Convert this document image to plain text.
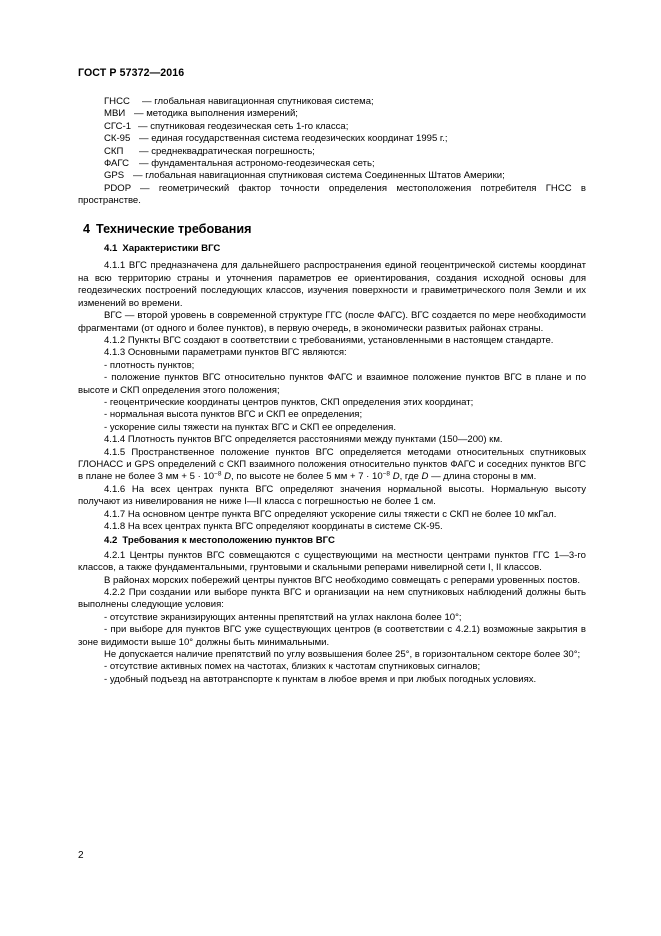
ГОСТ Р 57372—2016

ГНСС — глобальная навигационная спутниковая система;

МВИ — методика выполнения измерений;

СГС-1 — спутниковая геодезическая сеть 1-го класса;

СК-95 — единая государственная система геодезических координат 1995 г.;

СКП — среднеквадратическая погрешность;

ФАГС — фундаментальная астрономо-геодезическая сеть;

GPS — глобальная навигационная спутниковая система Соединенных Штатов Америки;

PDOP — геометрический фактор точности определения местоположения потребителя ГНСС в пространстве.

4 Технические требования
4.1 Характеристики ВГС

4.1.1 ВГС предназначена для дальнейшего распространения единой геоцентрической системы координат на всю территорию страны и уточнения параметров ее ориентирования, создания исходной основы для геодезических построений последующих классов, изучения поверхности и гравиметрического поля Земли и их изменений во времени.

ВГС — второй уровень в современной структуре ГГС (после ФАГС). ВГС создается по мере необходимости фрагментами (от одного и более пунктов), в первую очередь, в экономически развитых районах страны.

4.1.2 Пункты ВГС создают в соответствии с требованиями, установленными в настоящем стандарте.

4.1.3 Основными параметрами пунктов ВГС являются:

- плотность пунктов;

- положение пунктов ВГС относительно пунктов ФАГС и взаимное положение пунктов ВГС в плане и по высоте и СКП определения этого положения;

- геоцентрические координаты центров пунктов, СКП определения этих координат;

- нормальная высота пунктов ВГС и СКП ее определения;

- ускорение силы тяжести на пунктах ВГС и СКП ее определения.

4.1.4 Плотность пунктов ВГС определяется расстояниями между пунктами (150—200) км.

4.1.5 Пространственное положение пунктов ВГС определяется методами относительных спутниковых ГЛОНАСС и GPS определений с СКП взаимного положения относительно пунктов ФАГС и соседних пунктов ВГС в плане не более 3 мм + $5 \cdot 10^{-8}$ D, по высоте не более 5 мм + $7 \cdot 10^{-8}$ D, где D — длина стороны в мм.

4.1.6 На всех центрах пункта ВГС определяют значения нормальной высоты. Нормальную высоту получают из нивелирования не ниже I—II класса с погрешностью не более 1 см.

4.1.7 На основном центре пункта ВГС определяют ускорение силы тяжести с СКП не более 10 мкГал.

4.1.8 На всех центрах пункта ВГС определяют координаты в системе СК-95.

4.2 Требования к местоположению пунктов ВГС

4.2.1 Центры пунктов ВГС совмещаются с существующими на местности центрами пунктов ГГС 1—3-го классов, а также фундаментальными, грунтовыми и скальными реперами нивелирной сети I, II классов.

В районах морских побережий центры пунктов ВГС необходимо совмещать с реперами уровенных постов.

4.2.2 При создании или выборе пункта ВГС и организации на нем спутниковых наблюдений должны быть выполнены следующие условия:

- отсутствие экранизирующих антенны препятствий на углах наклона более 10°;

- при выборе для пунктов ВГС уже существующих центров (в соответствии с 4.2.1) возможные закрытия в зоне видимости выше 10° должны быть минимальными.

Не допускается наличие препятствий по углу возвышения более 25°, в горизонтальном секторе более 30°;

- отсутствие активных помех на частотах, близких к частотам спутниковых сигналов;

- удобный подъезд на автотранспорте к пунктам в любое время и при любых погодных условиях.

2
